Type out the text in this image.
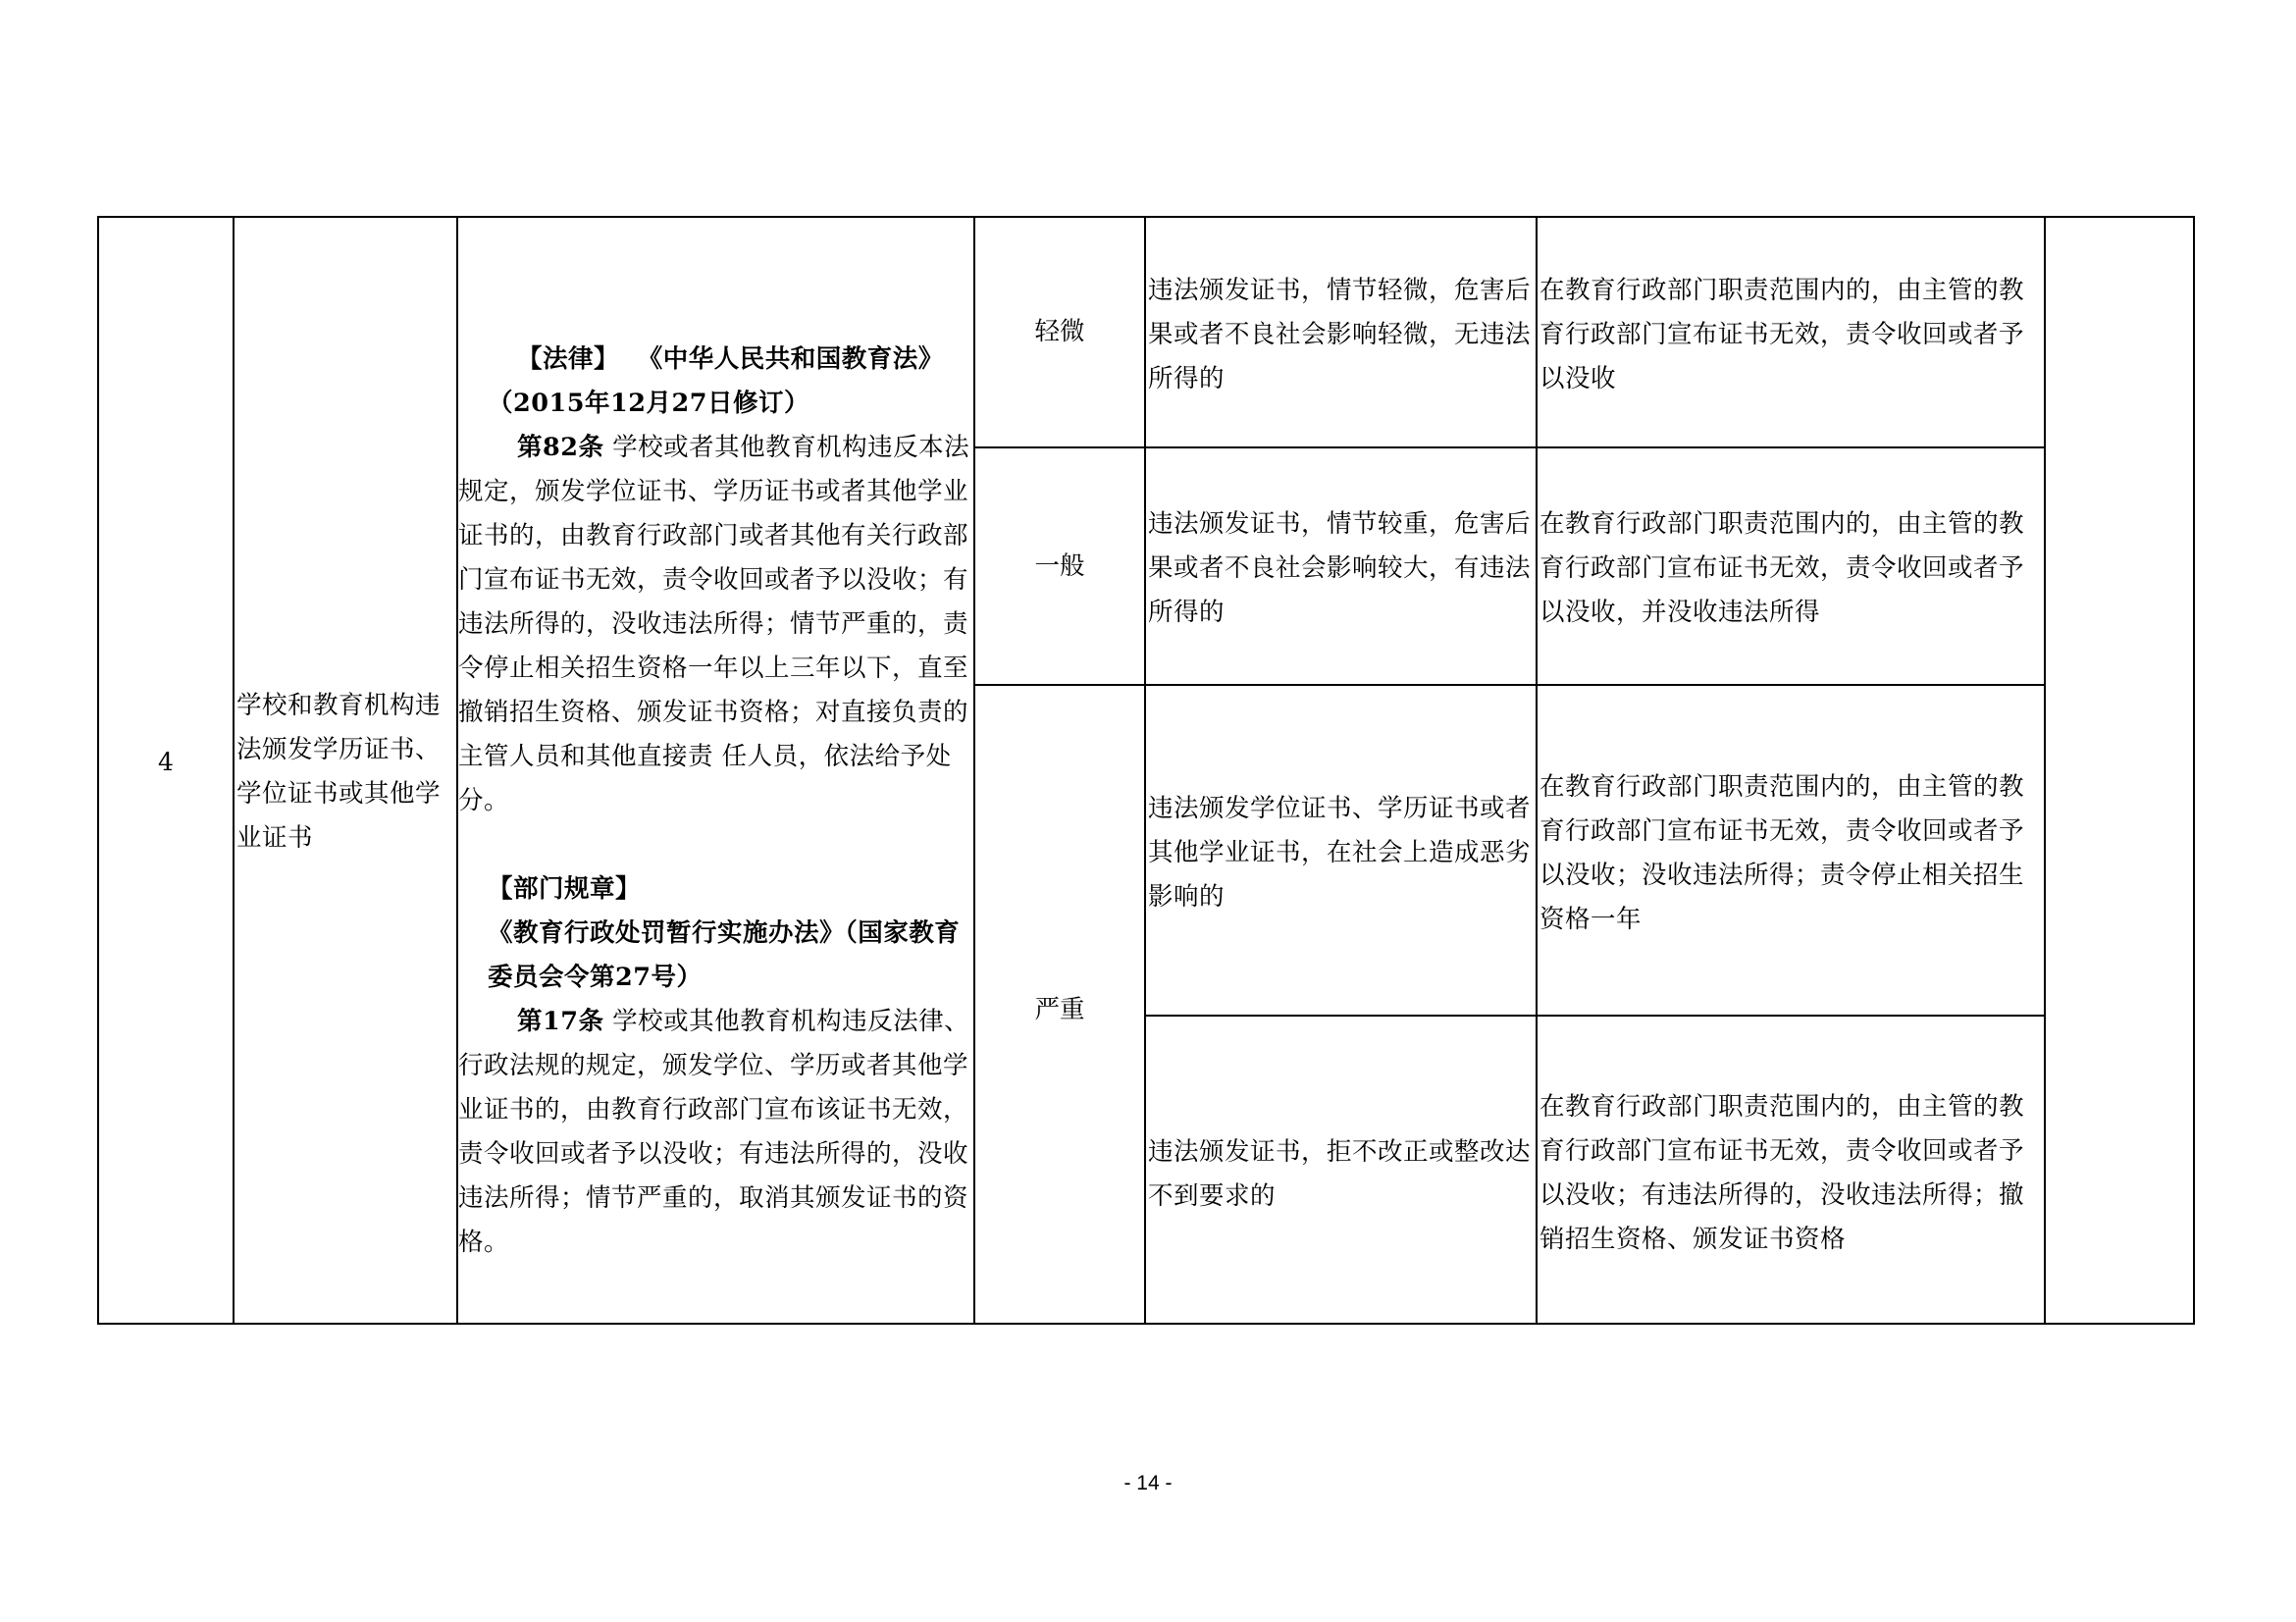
4
学校和教育机构违法颁发学历证书、学位证书或其他学业证书

【法律】 《中华人民共和国教育法》

（2015年12月27日修订）

第82条 学校或者其他教育机构违反本法规定，颁发学位证书、学历证书或者其他学业证书的，由教育行政部门或者其他有关行政部门宣布证书无效，责令收回或者予以没收；有违法所得的，没收违法所得；情节严重的，责令停止相关招生资格一年以上三年以下，直至撤销招生资格、颁发证书资格；对直接负责的主管人员和其他直接责 任人员，依法给予处分。

【部门规章】《教育行政处罚暂行实施办法》（国家教育委员会令第27号）

第17条 学校或其他教育机构违反法律、行政法规的规定，颁发学位、学历或者其他学业证书的，由教育行政部门宣布该证书无效，责令收回或者予以没收；有违法所得的，没收违法所得；情节严重的，取消其颁发证书的资格。

轻微
一般
严重
违法颁发证书，情节轻微，危害后果或者不良社会影响轻微，无违法所得的
违法颁发证书，情节较重，危害后果或者不良社会影响较大，有违法所得的
违法颁发学位证书、学历证书或者其他学业证书，在社会上造成恶劣影响的
违法颁发证书，拒不改正或整改达不到要求的
在教育行政部门职责范围内的，由主管的教育行政部门宣布证书无效，责令收回或者予以没收
在教育行政部门职责范围内的，由主管的教育行政部门宣布证书无效，责令收回或者予以没收，并没收违法所得
在教育行政部门职责范围内的，由主管的教育行政部门宣布证书无效，责令收回或者予以没收；没收违法所得；责令停止相关招生资格一年
在教育行政部门职责范围内的，由主管的教育行政部门宣布证书无效，责令收回或者予以没收；有违法所得的，没收违法所得；撤销招生资格、颁发证书资格
- 14 -
